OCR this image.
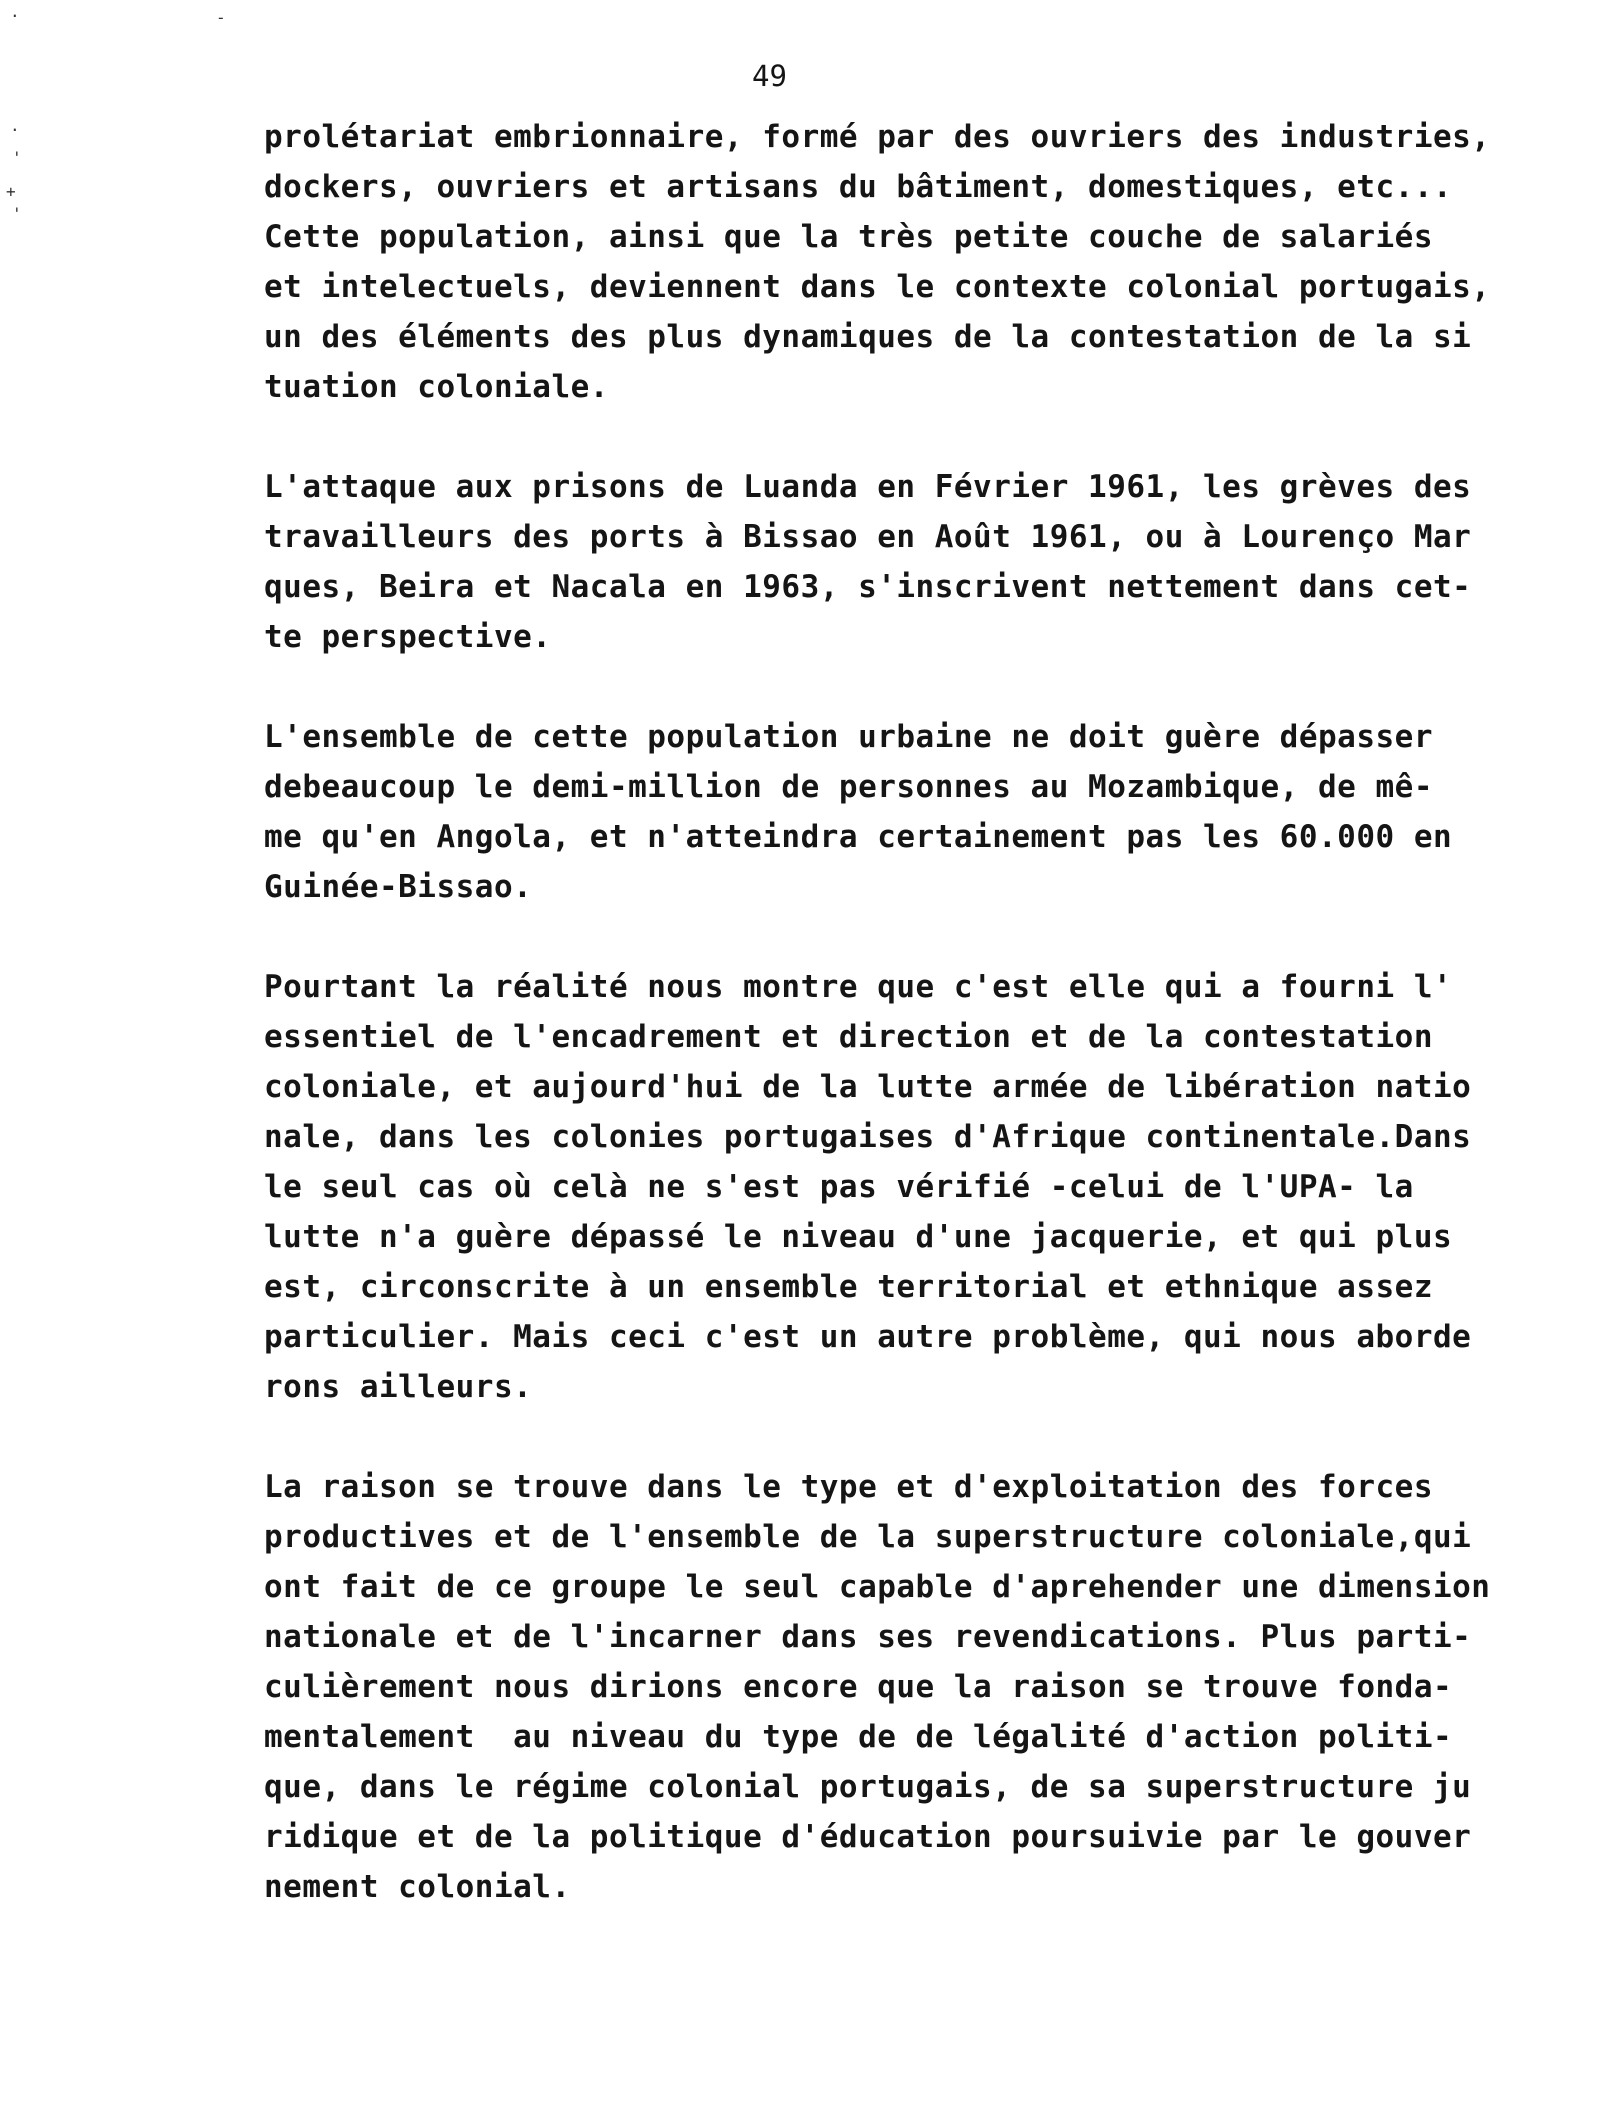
.	-
.
'
+
'
49
prolétariat embrionnaire, formé par des ouvriers des industries,
dockers, ouvriers et artisans du bâtiment, domestiques, etc...
Cette population, ainsi que la très petite couche de salariés
et intelectuels, deviennent dans le contexte colonial portugais,
un des éléments des plus dynamiques de la contestation de la si
tuation coloniale.
L'attaque aux prisons de Luanda en Février 1961, les grèves des
travailleurs des ports à Bissao en Août 1961, ou à Lourenço Mar
ques, Beira et Nacala en 1963, s'inscrivent nettement dans cet-
te perspective.
L'ensemble de cette population urbaine ne doit guère dépasser
debeaucoup le demi-million de personnes au Mozambique, de mê-
me qu'en Angola, et n'atteindra certainement pas les 60.000 en
Guinée-Bissao.
Pourtant la réalité nous montre que c'est elle qui a fourni l'
essentiel de l'encadrement et direction et de la contestation
coloniale, et aujourd'hui de la lutte armée de libération natio
nale, dans les colonies portugaises d'Afrique continentale.Dans
le seul cas où celà ne s'est pas vérifié -celui de l'UPA- la
lutte n'a guère dépassé le niveau d'une jacquerie, et qui plus
est, circonscrite à un ensemble territorial et ethnique assez
particulier. Mais ceci c'est un autre problème, qui nous aborde
rons ailleurs.
La raison se trouve dans le type et d'exploitation des forces
productives et de l'ensemble de la superstructure coloniale,qui
ont fait de ce groupe le seul capable d'aprehender une dimension
nationale et de l'incarner dans ses revendications. Plus parti-
culièrement nous dirions encore que la raison se trouve fonda-
mentalement  au niveau du type de de légalité d'action politi-
que, dans le régime colonial portugais, de sa superstructure ju
ridique et de la politique d'éducation poursuivie par le gouver
nement colonial.
